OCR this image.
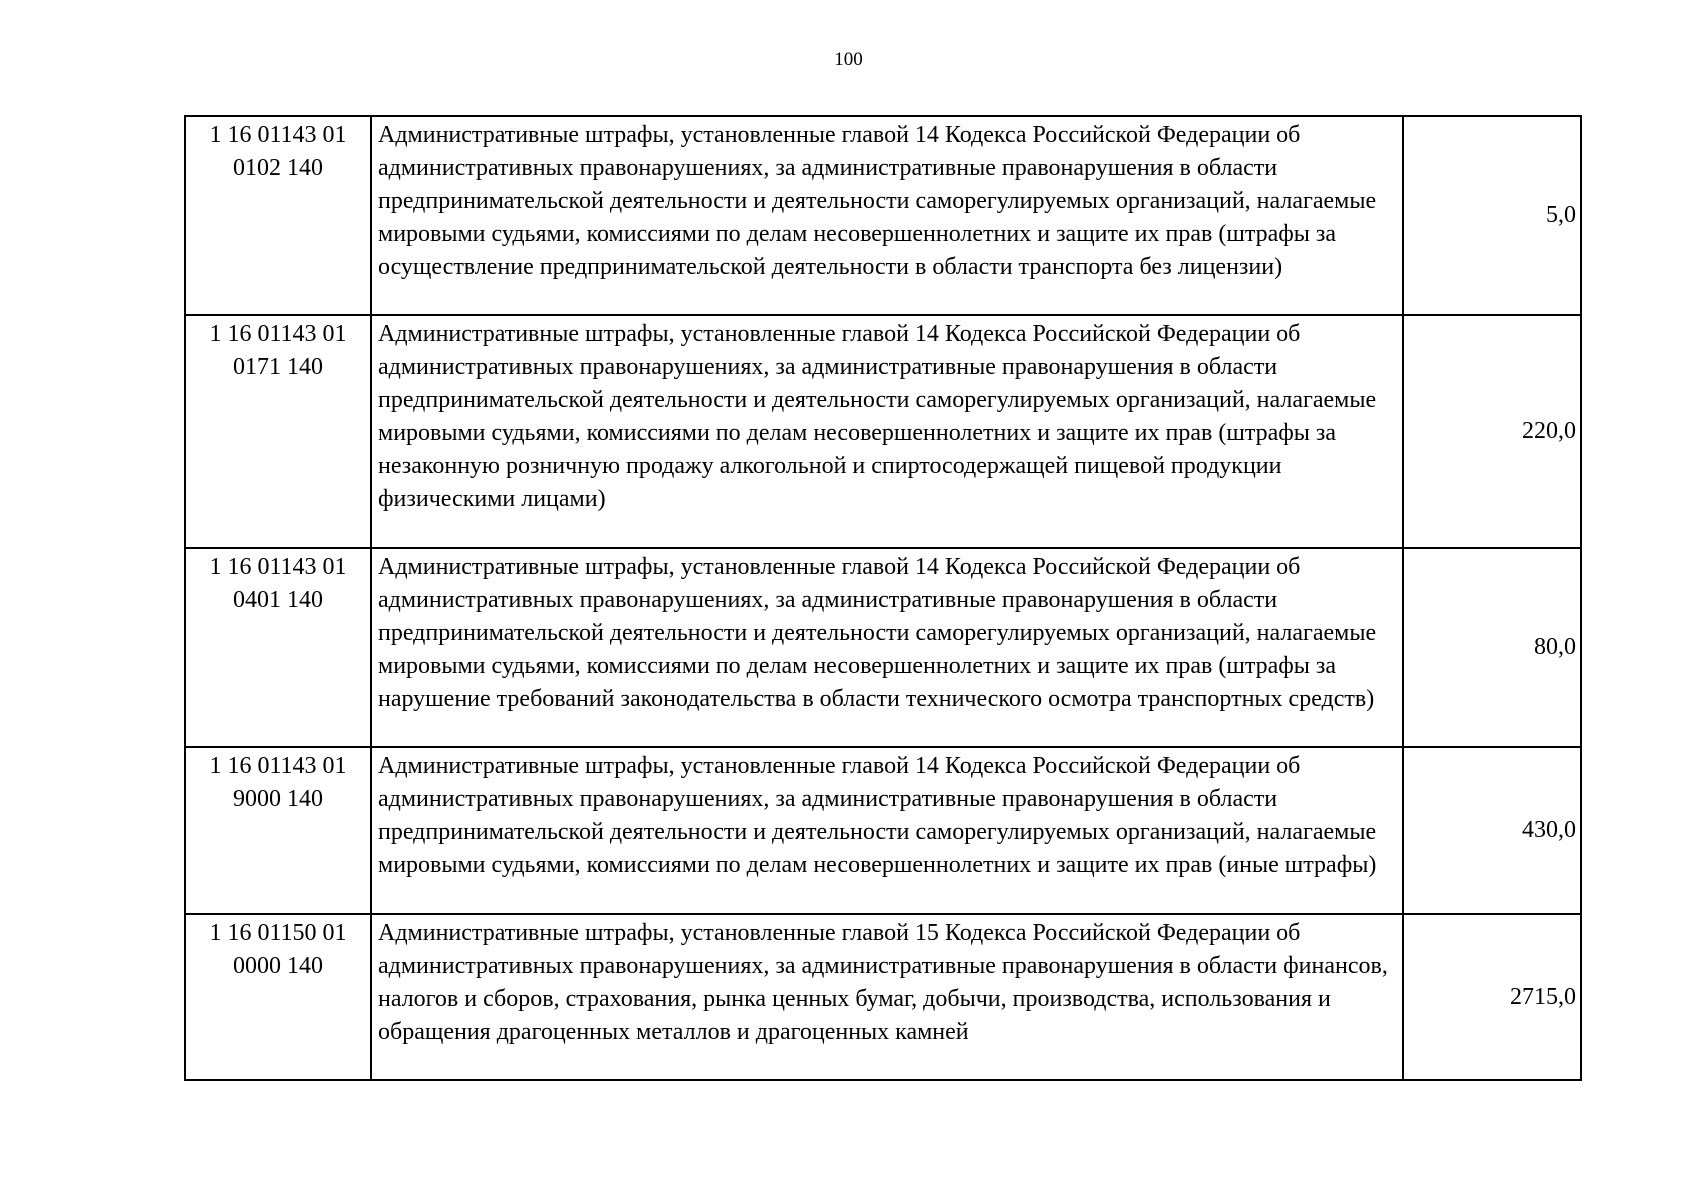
100
1 16 01143 01
0102 140	Административные штрафы, установленные главой 14 Кодекса Российской Федерации об административных правонарушениях, за административные правонарушения в области предпринимательской деятельности и деятельности саморегулируемых организаций, налагаемые мировыми судьями, комиссиями по делам несовершеннолетних и защите их прав (штрафы за осуществление предпринимательской деятельности в области транспорта без лицензии)	5,0

1 16 01143 01
0171 140	Административные штрафы, установленные главой 14 Кодекса Российской Федерации об административных правонарушениях, за административные правонарушения в области предпринимательской деятельности и деятельности саморегулируемых организаций, налагаемые мировыми судьями, комиссиями по делам несовершеннолетних и защите их прав (штрафы за незаконную розничную продажу алкогольной и спиртосодержащей пищевой продукции физическими лицами)	220,0

1 16 01143 01
0401 140	Административные штрафы, установленные главой 14 Кодекса Российской Федерации об административных правонарушениях, за административные правонарушения в области предпринимательской деятельности и деятельности саморегулируемых организаций, налагаемые мировыми судьями, комиссиями по делам несовершеннолетних и защите их прав (штрафы за нарушение требований законодательства в области технического осмотра транспортных средств)	80,0

1 16 01143 01
9000 140	Административные штрафы, установленные главой 14 Кодекса Российской Федерации об административных правонарушениях, за административные правонарушения в области предпринимательской деятельности и деятельности саморегулируемых организаций, налагаемые мировыми судьями, комиссиями по делам несовершеннолетних и защите их прав (иные штрафы)	430,0

1 16 01150 01
0000 140	Административные штрафы, установленные главой 15 Кодекса Российской Федерации об административных правонарушениях, за административные правонарушения в области финансов, налогов и сборов, страхования, рынка ценных бумаг, добычи, производства, использования и обращения драгоценных металлов и драгоценных камней	2715,0
